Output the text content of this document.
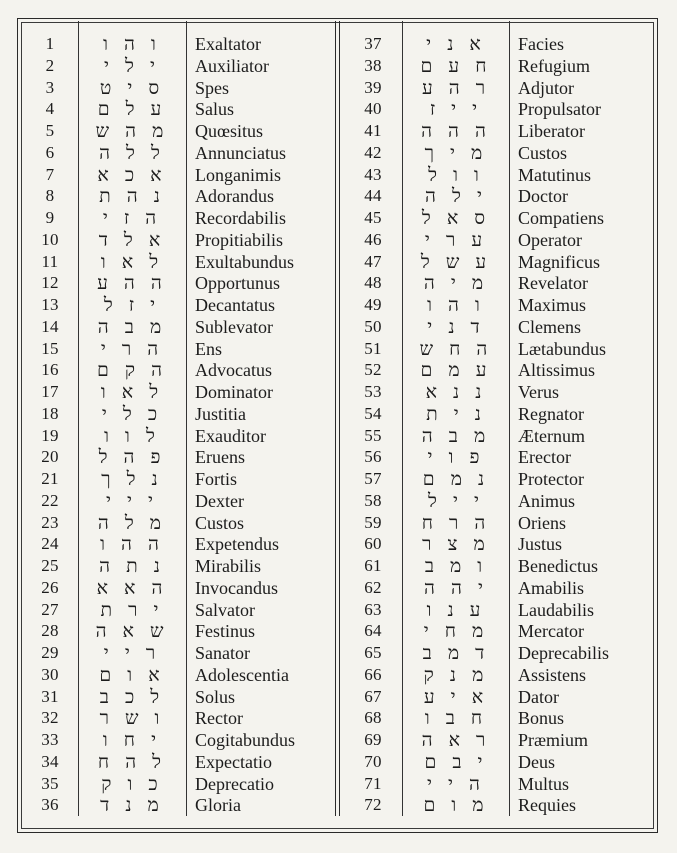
1	ו ה ו	Exaltator
2	י ל י	Auxiliator
3	ס י ט	Spes
4	ע ל ם	Salus
5	מ ה ש	Quœsitus
6	ל ל ה	Annunciatus
7	א כ א	Longanimis
8	נ ה ת	Adorandus
9	ה ז י	Recordabilis
10	א ל ד	Propitiabilis
11	ל א ו	Exultabundus
12	ה ה ע	Opportunus
13	י ז ל	Decantatus
14	מ ב ה	Sublevator
15	ה ר י	Ens
16	ה ק ם	Advocatus
17	ל א ו	Dominator
18	כ ל י	Justitia
19	ל ו ו	Exauditor
20	פ ה ל	Eruens
21	נ ל ך	Fortis
22	י י י	Dexter
23	מ ל ה	Custos
24	ה ה ו	Expetendus
25	נ ת ה	Mirabilis
26	ה א א	Invocandus
27	י ר ת	Salvator
28	ש א ה	Festinus
29	ר י י	Sanator
30	א ו ם	Adolescentia
31	ל כ ב	Solus
32	ו ש ר	Rector
33	י ח ו	Cogitabundus
34	ל ה ח	Expectatio
35	כ ו ק	Deprecatio
36	מ נ ד	Gloria
37	א נ י	Facies
38	ח ע ם	Refugium
39	ר ה ע	Adjutor
40	י י ז	Propulsator
41	ה ה ה	Liberator
42	מ י ך	Custos
43	ו ו ל	Matutinus
44	י ל ה	Doctor
45	ס א ל	Compatiens
46	ע ר י	Operator
47	ע ש ל	Magnificus
48	מ י ה	Revelator
49	ו ה ו	Maximus
50	ד נ י	Clemens
51	ה ח ש	Lætabundus
52	ע מ ם	Altissimus
53	נ נ א	Verus
54	נ י ת	Regnator
55	מ ב ה	Æternum
56	פ ו י	Erector
57	נ מ ם	Protector
58	י י ל	Animus
59	ה ר ח	Oriens
60	מ צ ר	Justus
61	ו מ ב	Benedictus
62	י ה ה	Amabilis
63	ע נ ו	Laudabilis
64	מ ח י	Mercator
65	ד מ ב	Deprecabilis
66	מ נ ק	Assistens
67	א י ע	Dator
68	ח ב ו	Bonus
69	ר א ה	Præmium
70	י ב ם	Deus
71	ה י י	Multus
72	מ ו ם	Requies
